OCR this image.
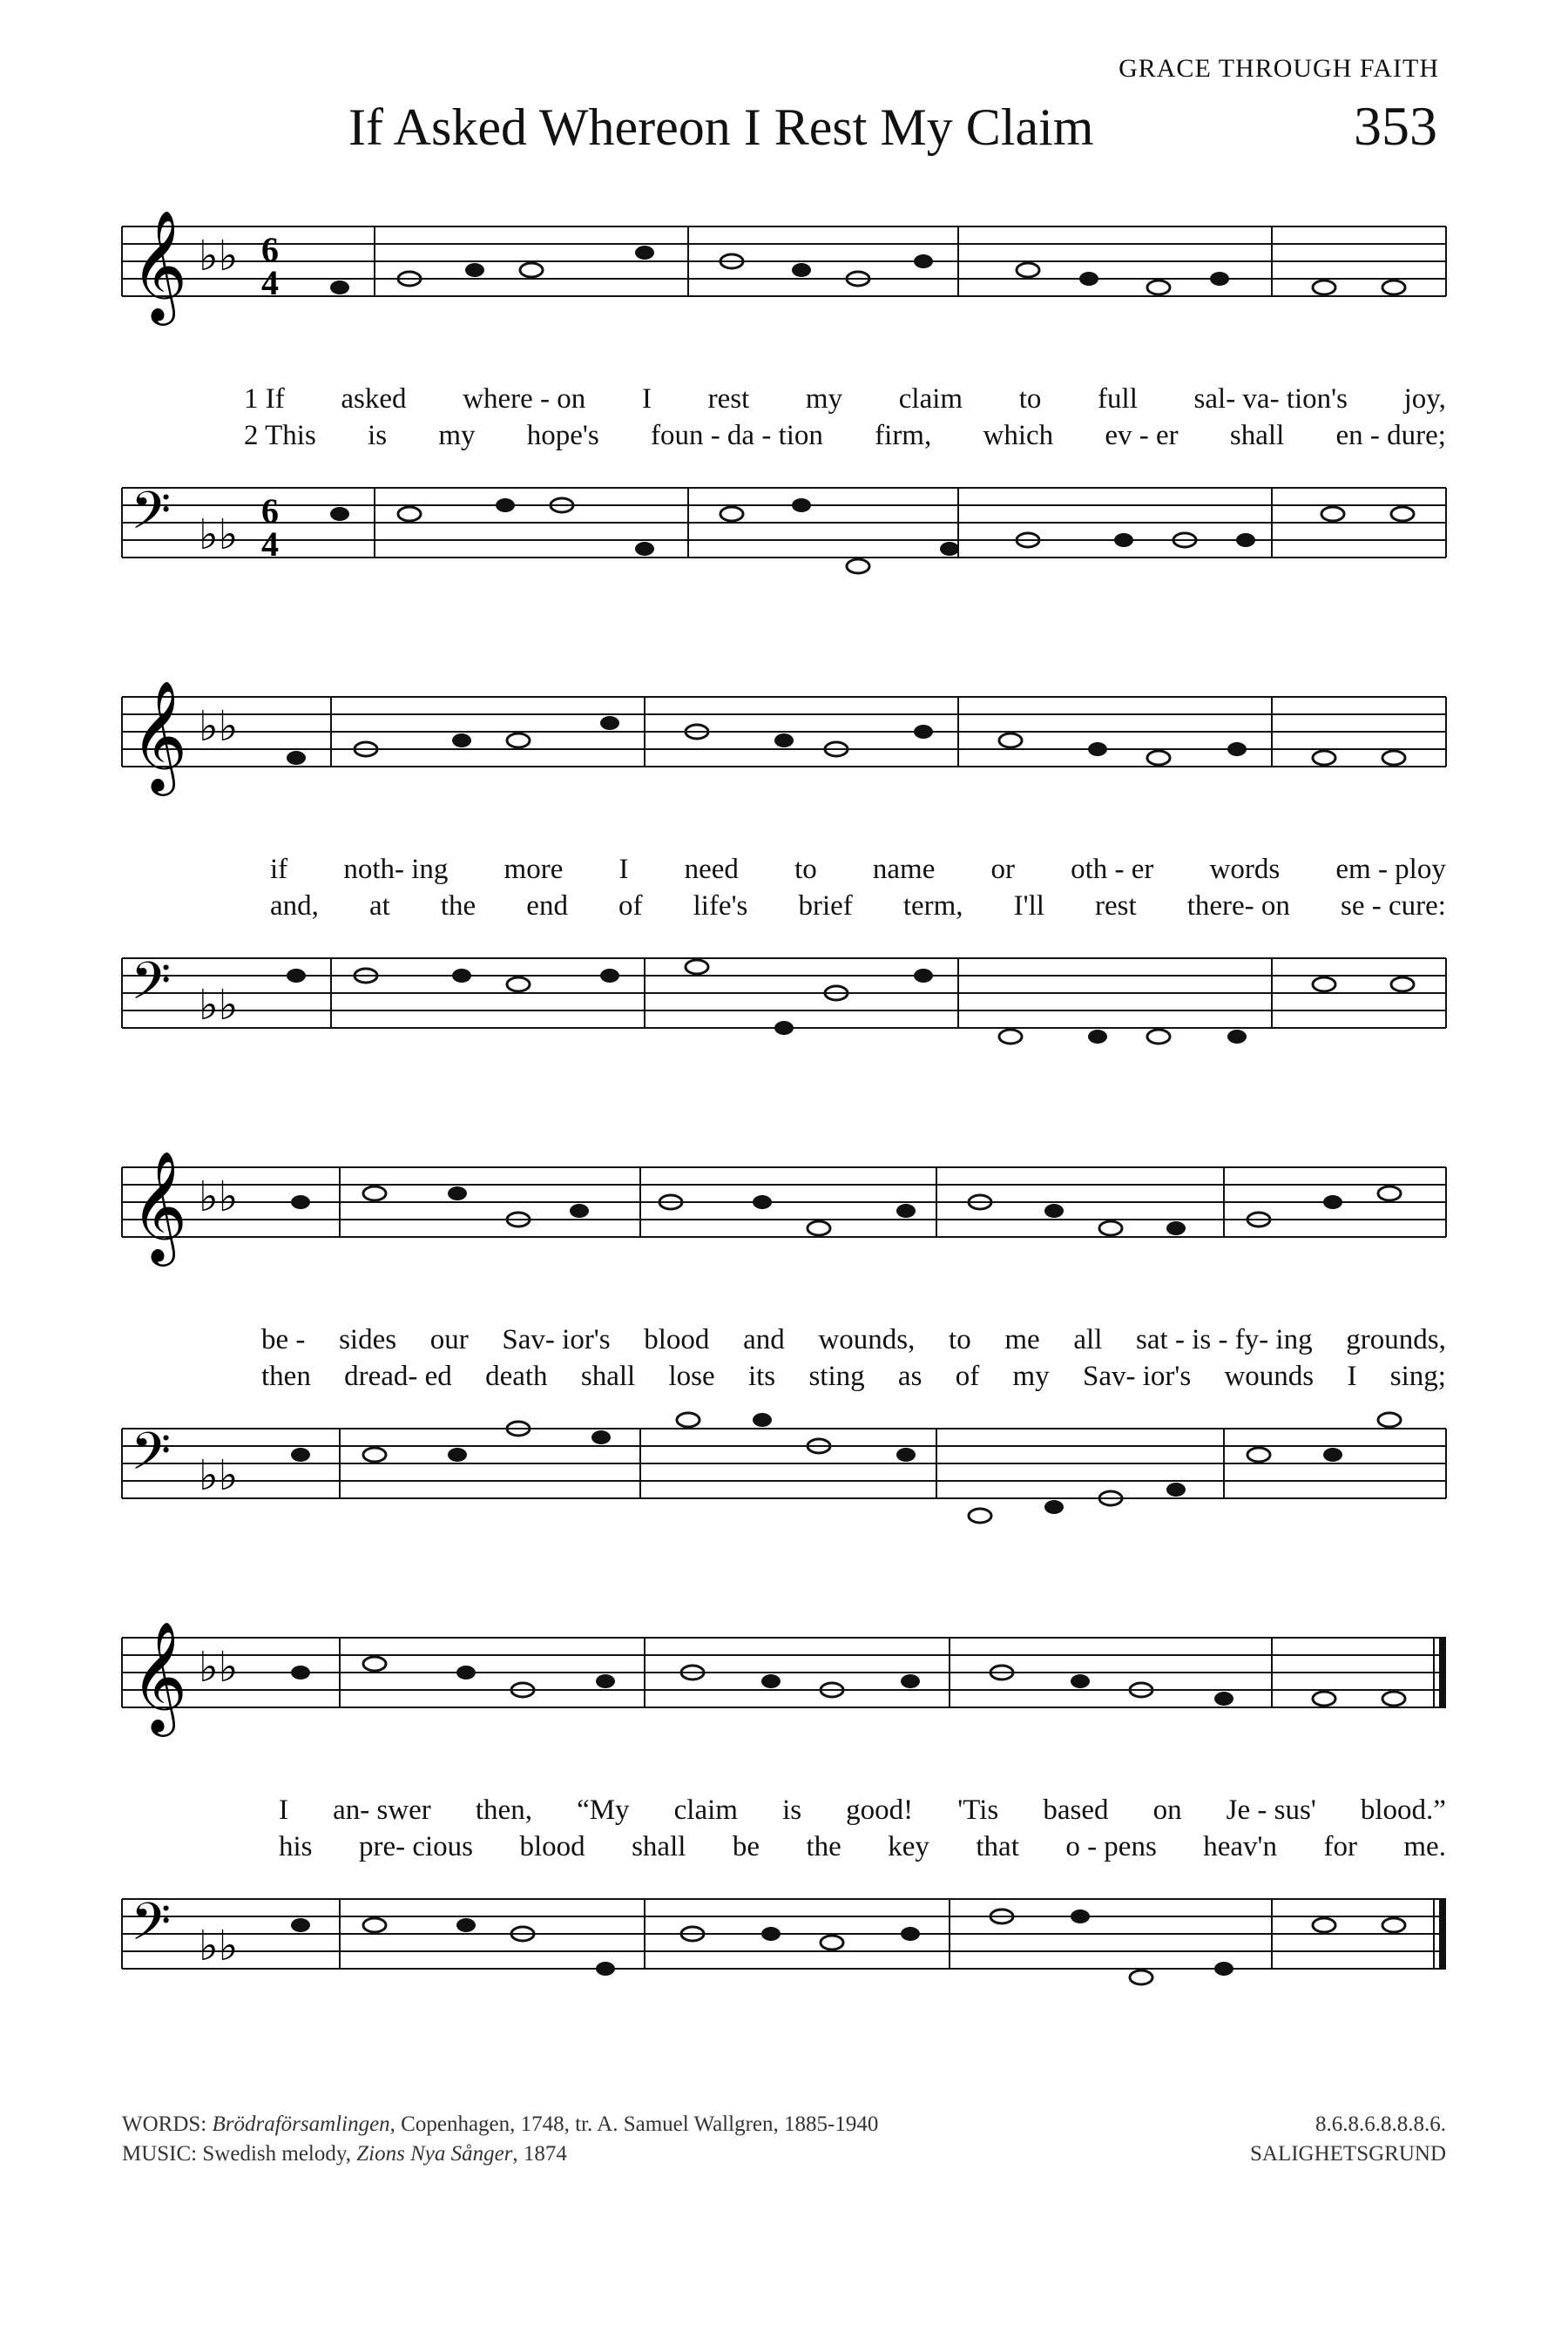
GRACE THROUGH FAITH
If Asked Whereon I Rest My Claim	353
𝄞 ♭♭ 6
4
1 If asked where - on I rest my claim to full sal- va- tion's joy,
2 This is my hope's foun - da - tion firm, which ev - er shall en - dure;
𝄢 ♭♭ 6
4
𝄞 ♭♭
if noth- ing more I need to name or oth - er words em - ploy
and, at the end of life's brief term, I'll rest there- on se - cure:
𝄢 ♭♭
𝄞 ♭♭
be - sides our Sav- ior's blood and wounds, to me all sat - is - fy- ing grounds,
then dread- ed death shall lose its sting as of my Sav- ior's wounds I sing;
𝄢 ♭♭
𝄞 ♭♭
I an- swer then, “My claim is good! 'Tis based on Je - sus' blood.”
his pre- cious blood shall be the key that o - pens heav'n for me.
𝄢 ♭♭
WORDS: Brödraförsamlingen, Copenhagen, 1748, tr. A. Samuel Wallgren, 1885-1940
MUSIC: Swedish melody, Zions Nya Sånger, 1874
8.6.8.6.8.8.8.6.
SALIGHETSGRUND
